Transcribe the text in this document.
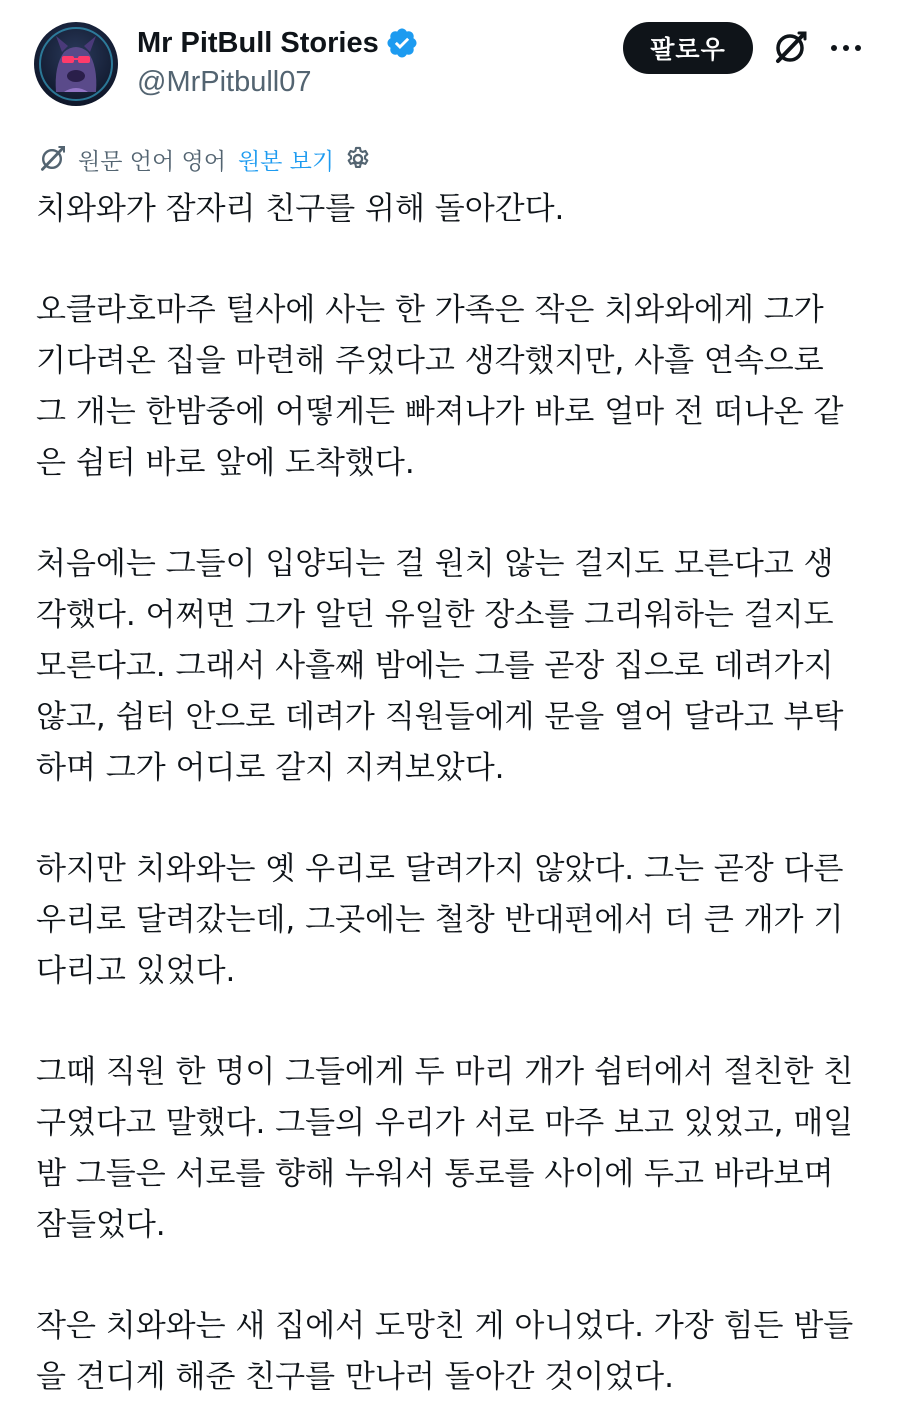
Mr PitBull Stories
@MrPitbull07
팔로우
원문 언어 영어 원본 보기

치와와가 잠자리 친구를 위해 돌아간다.

오클라호마주 털사에 사는 한 가족은 작은 치와와에게 그가
기다려온 집을 마련해 주었다고 생각했지만, 사흘 연속으로
그 개는 한밤중에 어떻게든 빠져나가 바로 얼마 전 떠나온 같
은 쉼터 바로 앞에 도착했다.

처음에는 그들이 입양되는 걸 원치 않는 걸지도 모른다고 생
각했다. 어쩌면 그가 알던 유일한 장소를 그리워하는 걸지도
모른다고. 그래서 사흘째 밤에는 그를 곧장 집으로 데려가지
않고, 쉼터 안으로 데려가 직원들에게 문을 열어 달라고 부탁
하며 그가 어디로 갈지 지켜보았다.

하지만 치와와는 옛 우리로 달려가지 않았다. 그는 곧장 다른
우리로 달려갔는데, 그곳에는 철창 반대편에서 더 큰 개가 기
다리고 있었다.

그때 직원 한 명이 그들에게 두 마리 개가 쉼터에서 절친한 친
구였다고 말했다. 그들의 우리가 서로 마주 보고 있었고, 매일
밤 그들은 서로를 향해 누워서 통로를 사이에 두고 바라보며
잠들었다.

작은 치와와는 새 집에서 도망친 게 아니었다. 가장 힘든 밤들
을 견디게 해준 친구를 만나러 돌아간 것이었다.
